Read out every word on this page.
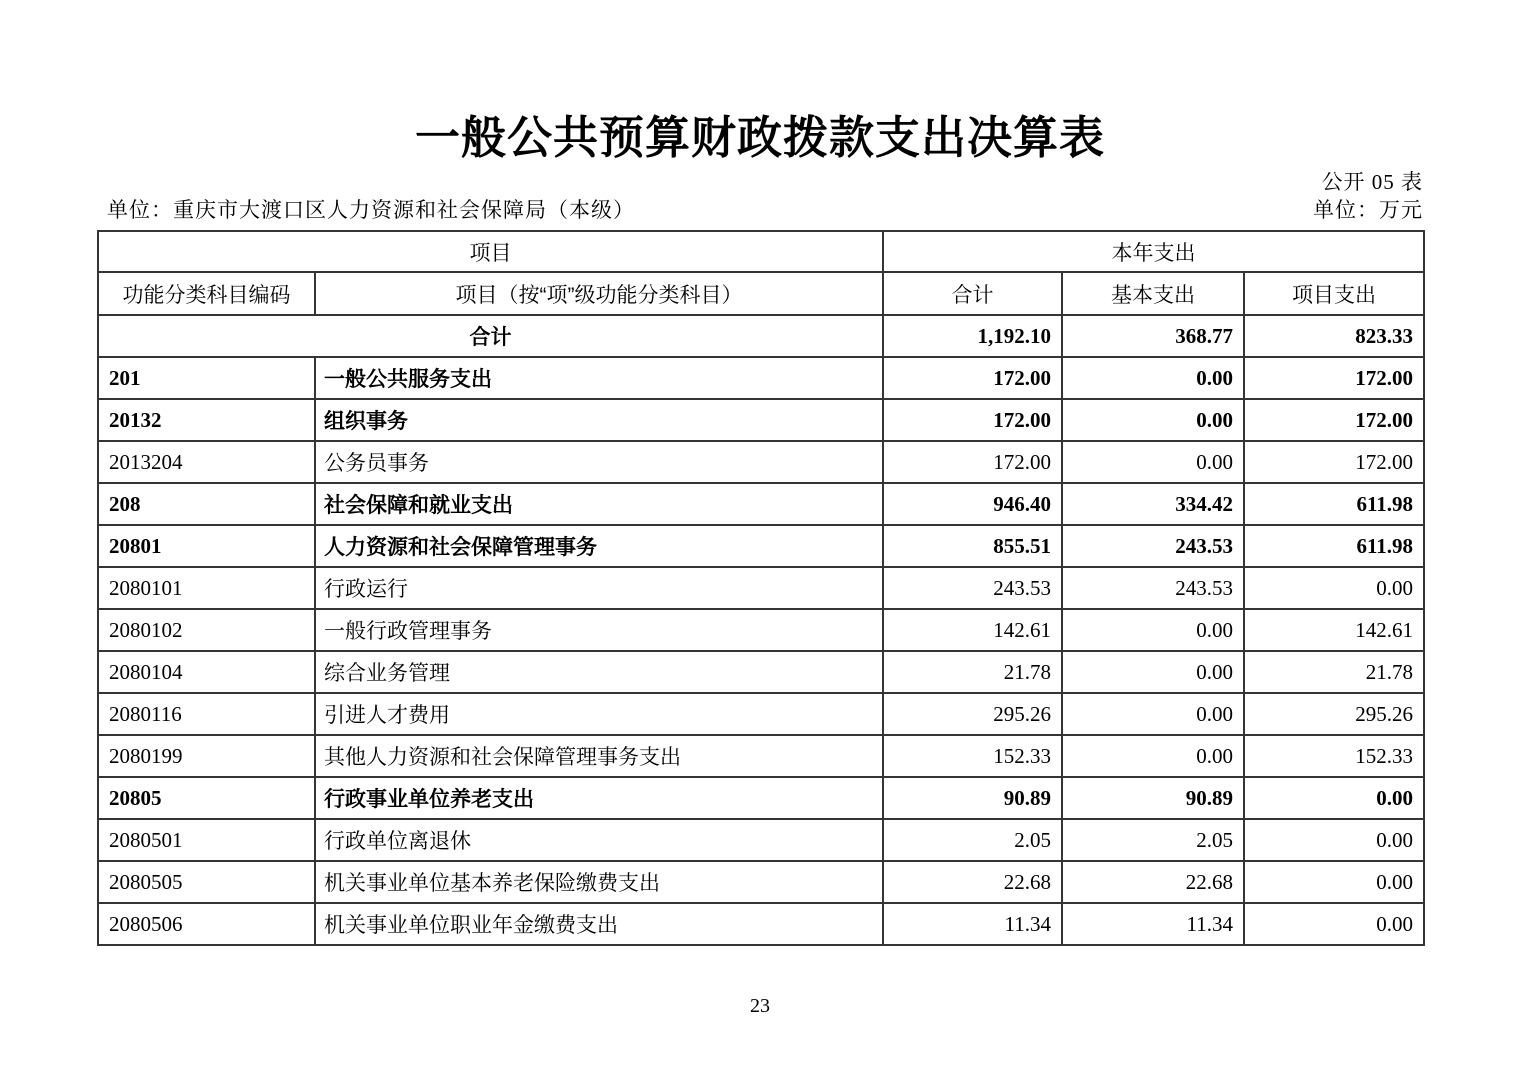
一般公共预算财政拨款支出决算表
公开 05 表
单位：重庆市大渡口区人力资源和社会保障局（本级）	单位：万元
项目		本年支出		
功能分类科目编码	项目（按“项”级功能分类科目）	合计	基本支出	项目支出
合计		1,192.10	368.77	823.33
201	一般公共服务支出	172.00	0.00	172.00
20132	组织事务	172.00	0.00	172.00
2013204	公务员事务	172.00	0.00	172.00
208	社会保障和就业支出	946.40	334.42	611.98
20801	人力资源和社会保障管理事务	855.51	243.53	611.98
2080101	行政运行	243.53	243.53	0.00
2080102	一般行政管理事务	142.61	0.00	142.61
2080104	综合业务管理	21.78	0.00	21.78
2080116	引进人才费用	295.26	0.00	295.26
2080199	其他人力资源和社会保障管理事务支出	152.33	0.00	152.33
20805	行政事业单位养老支出	90.89	90.89	0.00
2080501	行政单位离退休	2.05	2.05	0.00
2080505	机关事业单位基本养老保险缴费支出	22.68	22.68	0.00
2080506	机关事业单位职业年金缴费支出	11.34	11.34	0.00
23
